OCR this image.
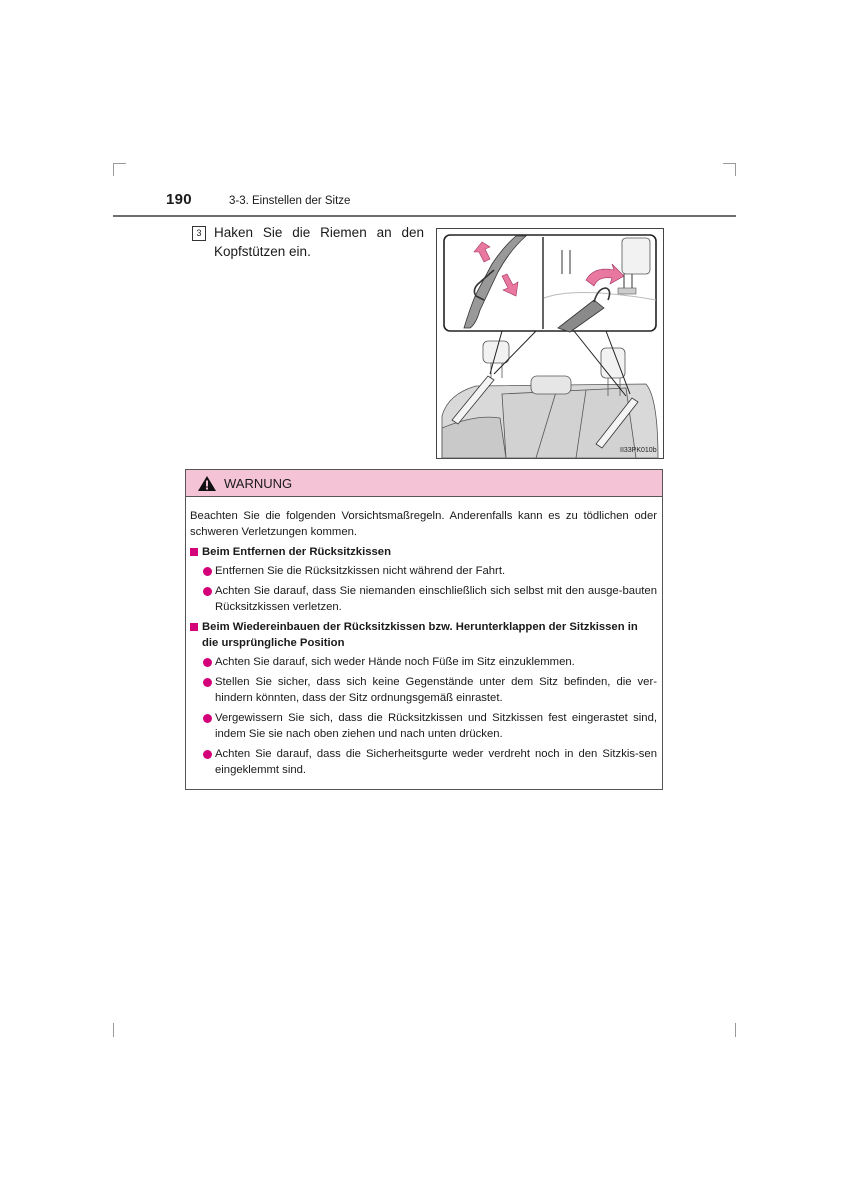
190	3-3. Einstellen der Sitze
3 Haken Sie die Riemen an den Kopfstützen ein.
II33PK010b
WARNUNG

Beachten Sie die folgenden Vorsichtsmaßregeln. Anderenfalls kann es zu tödlichen oder schweren Verletzungen kommen.

Beim Entfernen der Rücksitzkissen
Entfernen Sie die Rücksitzkissen nicht während der Fahrt.
Achten Sie darauf, dass Sie niemanden einschließlich sich selbst mit den ausge-bauten Rücksitzkissen verletzen.
Beim Wiedereinbauen der Rücksitzkissen bzw. Herunterklappen der Sitzkissen in die ursprüngliche Position
Achten Sie darauf, sich weder Hände noch Füße im Sitz einzuklemmen.
Stellen Sie sicher, dass sich keine Gegenstände unter dem Sitz befinden, die ver-hindern könnten, dass der Sitz ordnungsgemäß einrastet.
Vergewissern Sie sich, dass die Rücksitzkissen und Sitzkissen fest eingerastet sind, indem Sie sie nach oben ziehen und nach unten drücken.
Achten Sie darauf, dass die Sicherheitsgurte weder verdreht noch in den Sitzkis-sen eingeklemmt sind.
